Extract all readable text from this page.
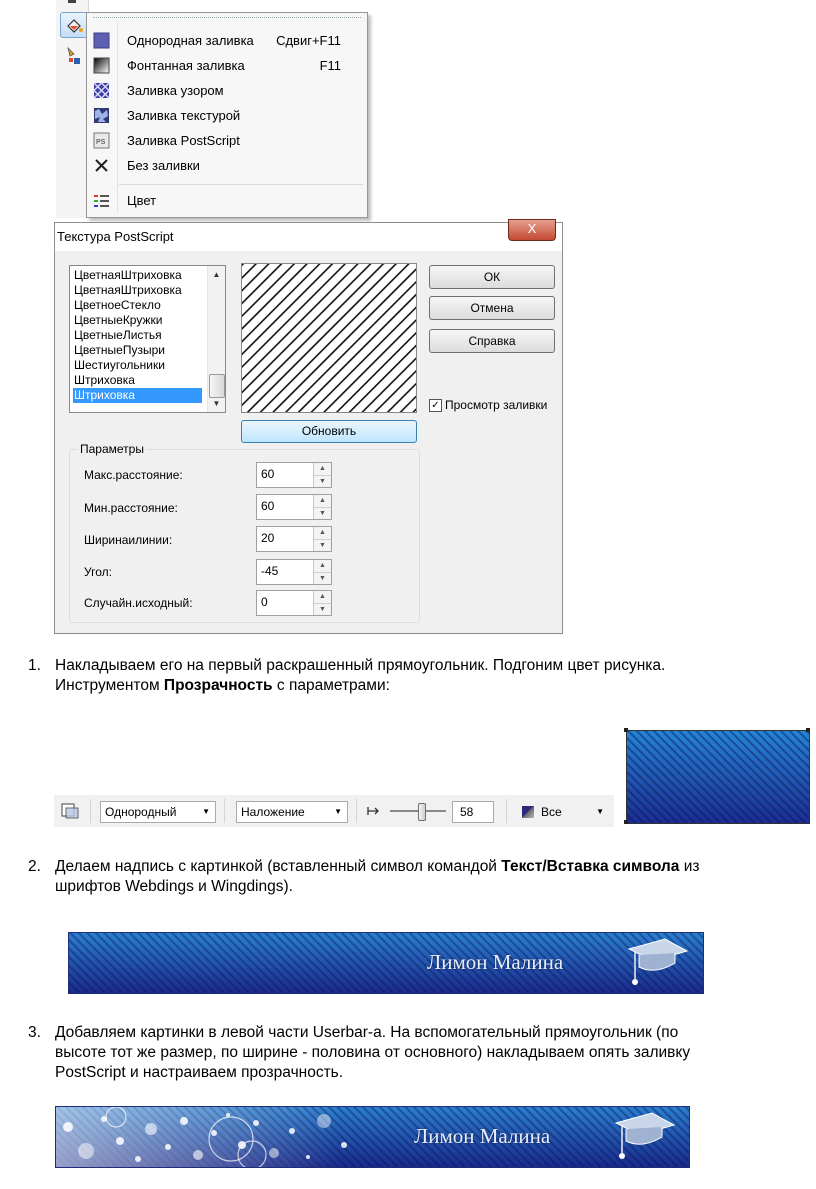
Однородная заливка Сдвиг+F11
Фонтанная заливка	F11
Заливка узором
Заливка текстурой
PS Заливка PostScript
Без заливки
Цвет
Текстура PostScript
X
ЦветнаяШтриховка
ЦветнаяШтриховка
ЦветноеСтекло
ЦветныеКружки
ЦветныеЛистья
ЦветныеПузыри
Шестиугольники
Штриховка
Штриховка
▲
▼
ОК
Отмена
Справка
✓ Просмотр заливки
Обновить
Параметры
Макс.расстояние:	60	▲
▼
Мин.расстояние:	60	▲
▼
Ширинаилинии:	20	▲
▼
Угол:	-45	▲
▼
Случайн.исходный:	0	▲
▼
1. Накладываем его на первый раскрашенный прямоугольник. Подгоним цвет рисунка.
Инструментом Прозрачность с параметрами:
Однородный	▼	Наложение	▼	58	Все	▼
2. Делаем надпись с картинкой (вставленный символ командой Текст/Вставка символа из
шрифтов Webdings и Wingdings).
Лимон Малина
3. Добавляем картинки в левой части Userbar-а. На вспомогательный прямоугольник (по
высоте тот же размер, по ширине - половина от основного) накладываем опять заливку
PostScript и настраиваем прозрачность.
Лимон Малина
